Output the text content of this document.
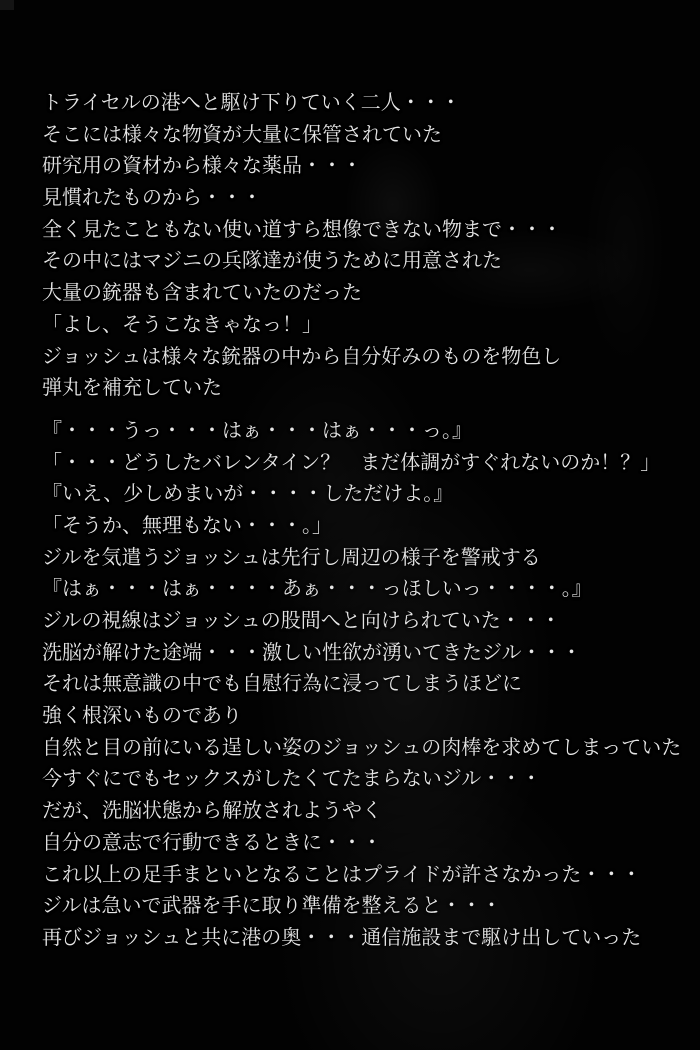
トライセルの港へと駆け下りていく二人・・・
そこには様々な物資が大量に保管されていた
研究用の資材から様々な薬品・・・
見慣れたものから・・・
全く見たこともない使い道すら想像できない物まで・・・
その中にはマジニの兵隊達が使うために用意された
大量の銃器も含まれていたのだった
「よし、そうこなきゃなっ！」
ジョッシュは様々な銃器の中から自分好みのものを物色し
弾丸を補充していた
『・・・うっ・・・はぁ・・・はぁ・・・っ。』
「・・・どうしたバレンタイン？　まだ体調がすぐれないのか！？」
『いえ、少しめまいが・・・・しただけよ。』
「そうか、無理もない・・・。」
ジルを気遣うジョッシュは先行し周辺の様子を警戒する
『はぁ・・・はぁ・・・・あぁ・・・っほしいっ・・・・。』
ジルの視線はジョッシュの股間へと向けられていた・・・
洗脳が解けた途端・・・激しい性欲が湧いてきたジル・・・
それは無意識の中でも自慰行為に浸ってしまうほどに
強く根深いものであり
自然と目の前にいる逞しい姿のジョッシュの肉棒を求めてしまっていた
今すぐにでもセックスがしたくてたまらないジル・・・
だが、洗脳状態から解放されようやく
自分の意志で行動できるときに・・・
これ以上の足手まといとなることはプライドが許さなかった・・・
ジルは急いで武器を手に取り準備を整えると・・・
再びジョッシュと共に港の奥・・・通信施設まで駆け出していった
